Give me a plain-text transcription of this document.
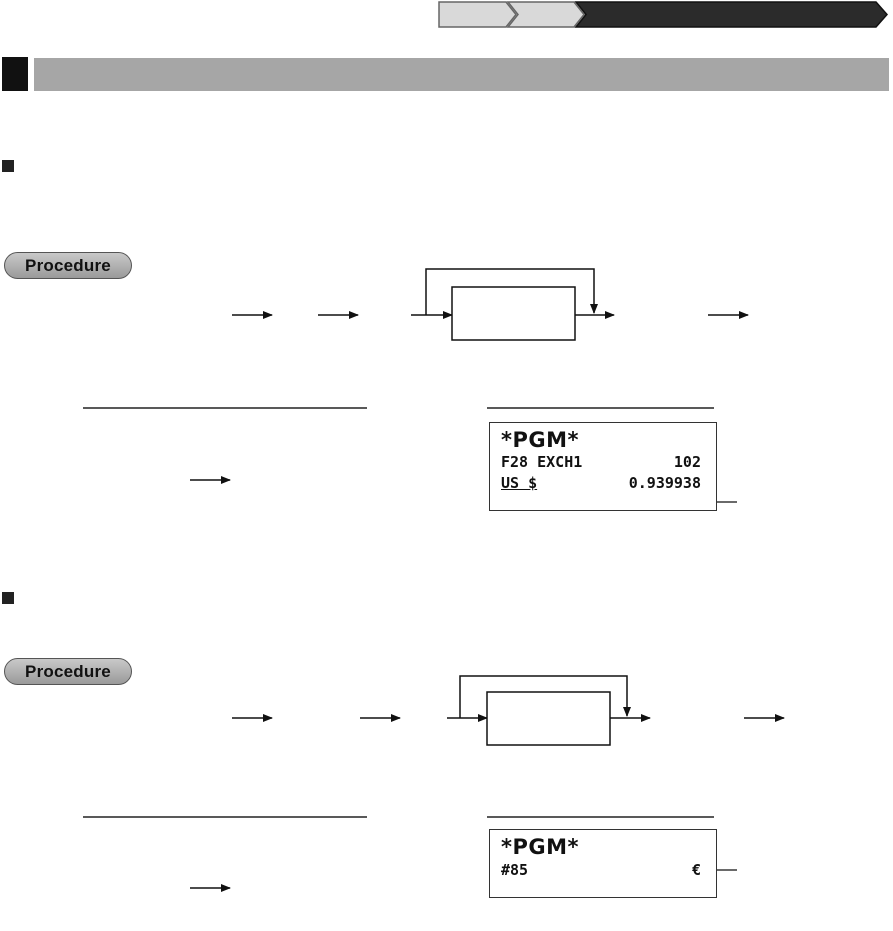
Procedure
*PGM*
F28 EXCH1	102
US $	0.939938
Procedure
*PGM*
#85	€
